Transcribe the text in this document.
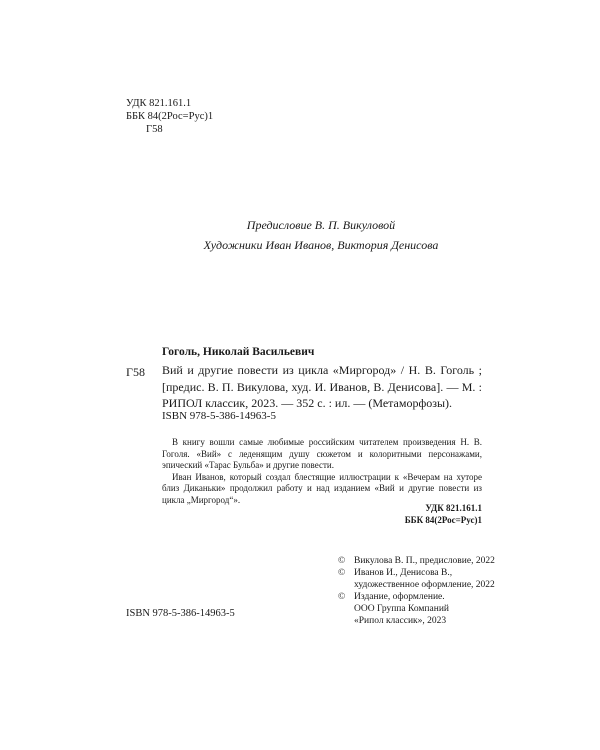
УДК 821.161.1
ББК 84(2Рос=Рус)1
Г58
Предисловие В. П. Викуловой
Художники Иван Иванов, Виктория Денисова
Гоголь, Николай Васильевич
Г58 Вий и другие повести из цикла «Миргород» / Н. В. Гоголь ;
[предис. В. П. Викулова, худ. И. Иванов, В. Денисова]. — М. :
РИПОЛ классик, 2023. — 352 с. : ил. — (Метаморфозы).
ISBN 978-5-386-14963-5

В книгу вошли самые любимые российским читателем произведения Н. В. Гоголя. «Вий» с леденящим душу сюжетом и колоритными персонажами, эпический «Тарас Бульба» и другие повести.

Иван Иванов, который создал блестящие иллюстрации к «Вечерам на хуторе близ Диканьки» продолжил работу и над изданием «Вий и другие повести из цикла „Миргород“».

УДК 821.161.1
ББК 84(2Рос=Рус)1
© Викулова В. П., предисловие, 2022
© Иванов И., Денисова В.,
художественное оформление, 2022
© Издание, оформление.
ООО Группа Компаний
«Рипол классик», 2023
ISBN 978-5-386-14963-5
